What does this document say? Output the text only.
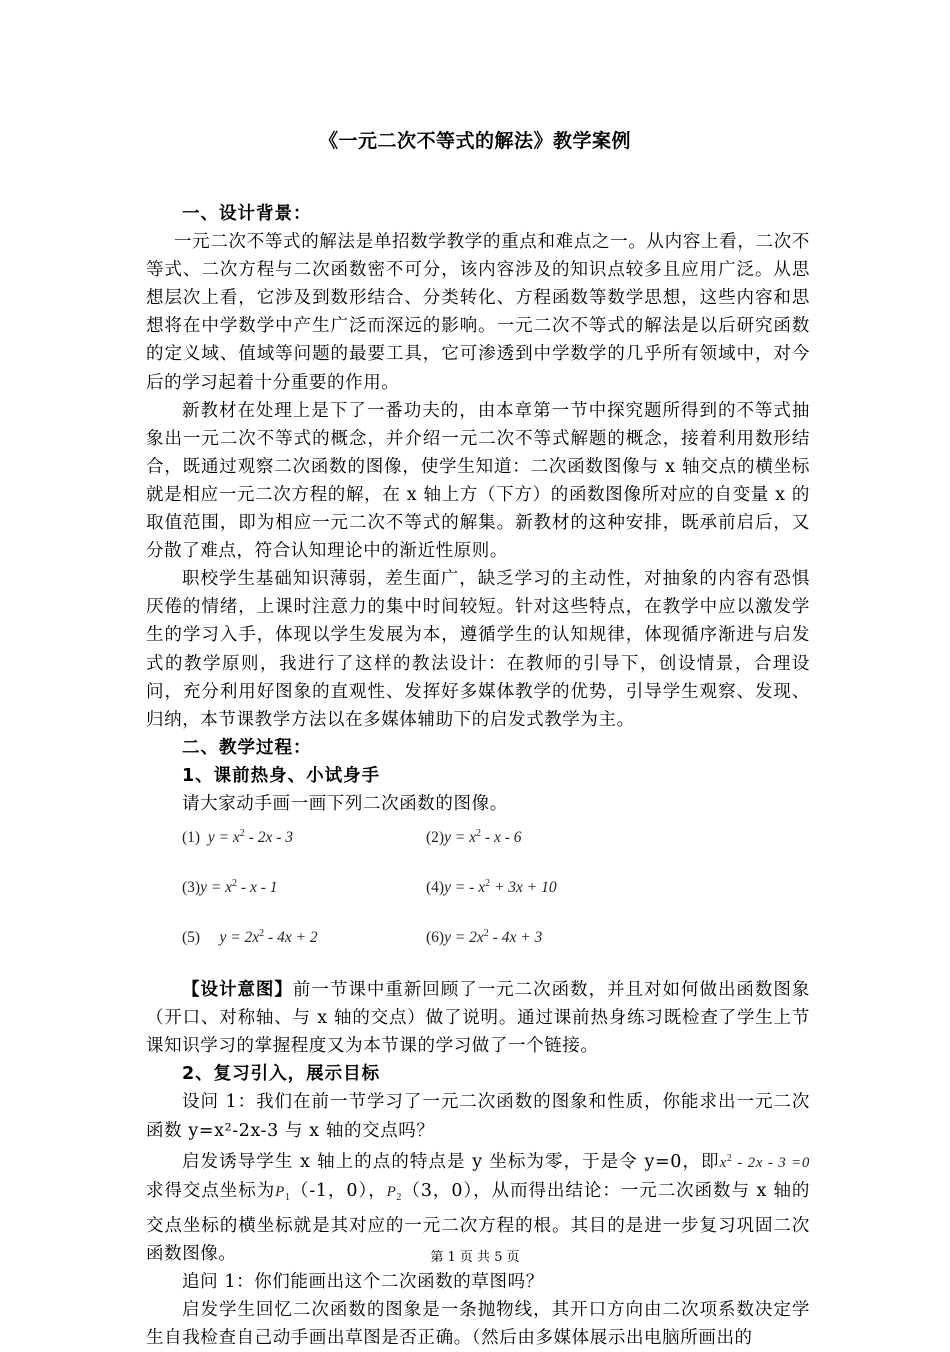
《一元二次不等式的解法》教学案例
一、设计背景：
一元二次不等式的解法是单招数学教学的重点和难点之一。从内容上看，二次不等式、二次方程与二次函数密不可分，该内容涉及的知识点较多且应用广泛。从思想层次上看，它涉及到数形结合、分类转化、方程函数等数学思想，这些内容和思想将在中学数学中产生广泛而深远的影响。一元二次不等式的解法是以后研究函数的定义域、值域等问题的最要工具，它可渗透到中学数学的几乎所有领域中，对今后的学习起着十分重要的作用。
新教材在处理上是下了一番功夫的，由本章第一节中探究题所得到的不等式抽象出一元二次不等式的概念，并介绍一元二次不等式解题的概念，接着利用数形结合，既通过观察二次函数的图像，使学生知道：二次函数图像与 x 轴交点的横坐标就是相应一元二次方程的解，在 x 轴上方（下方）的函数图像所对应的自变量 x 的取值范围，即为相应一元二次不等式的解集。新教材的这种安排，既承前启后，又分散了难点，符合认知理论中的渐近性原则。
职校学生基础知识薄弱，差生面广，缺乏学习的主动性，对抽象的内容有恐惧厌倦的情绪，上课时注意力的集中时间较短。针对这些特点，在教学中应以激发学生的学习入手，体现以学生发展为本，遵循学生的认知规律，体现循序渐进与启发式的教学原则，我进行了这样的教法设计：在教师的引导下，创设情景，合理设问，充分利用好图象的直观性、发挥好多媒体教学的优势，引导学生观察、发现、归纳，本节课教学方法以在多媒体辅助下的启发式教学为主。
二、教学过程：
1、课前热身、小试身手
请大家动手画一画下列二次函数的图像。
(1) $y = x^2 - 2x - 3$	$(2)y = x^2 - x - 6$
$(3)y = x^2 - x - 1$	(4)y = - $x^2 + 3x + 10$
(5) $y = 2x^2 - 4x + 2$	$(6)y = 2x^2 - 4x + 3$
【设计意图】前一节课中重新回顾了一元二次函数，并且对如何做出函数图象（开口、对称轴、与 x 轴的交点）做了说明。通过课前热身练习既检查了学生上节课知识学习的掌握程度又为本节课的学习做了一个链接。
2、复习引入，展示目标
设问 1：我们在前一节学习了一元二次函数的图象和性质，你能求出一元二次函数 y=x²-2x-3 与 x 轴的交点吗？
启发诱导学生 x 轴上的点的特点是 y 坐标为零，于是令 y=0，即$x^2 - 2x - 3 =0$求得交点坐标为$P_1(-1$，0），$P_2(3$，0），从而得出结论：一元二次函数与 x 轴的交点坐标的横坐标就是其对应的一元二次方程的根。其目的是进一步复习巩固二次函数图像。
追问 1：你们能画出这个二次函数的草图吗？
启发学生回忆二次函数的图象是一条抛物线，其开口方向由二次项系数决定学生自我检查自己动手画出草图是否正确。（然后由多媒体展示出电脑所画出的
第 1 页 共 5 页
